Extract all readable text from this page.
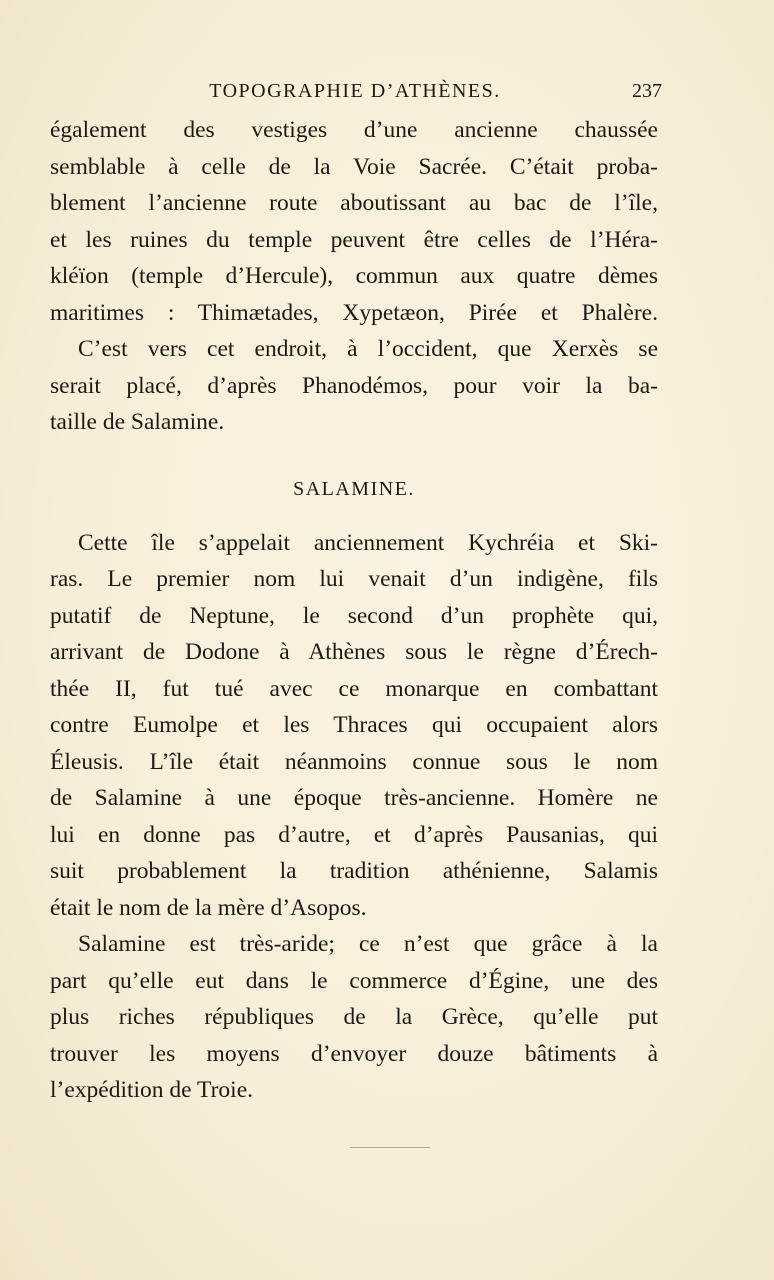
TOPOGRAPHIE D’ATHÈNES.	237
également des vestiges d’une ancienne chaussée
semblable à celle de la Voie Sacrée. C’était proba-
blement l’ancienne route aboutissant au bac de l’île,
et les ruines du temple peuvent être celles de l’Héra-
kléïon (temple d’Hercule), commun aux quatre dèmes
maritimes : Thimætades, Xypetæon, Pirée et Phalère.
C’est vers cet endroit, à l’occident, que Xerxès se
serait placé, d’après Phanodémos, pour voir la ba-
taille de Salamine.
SALAMINE.
Cette île s’appelait anciennement Kychréia et Ski-
ras. Le premier nom lui venait d’un indigène, fils
putatif de Neptune, le second d’un prophète qui,
arrivant de Dodone à Athènes sous le règne d’Érech-
thée II, fut tué avec ce monarque en combattant
contre Eumolpe et les Thraces qui occupaient alors
Éleusis. L’île était néanmoins connue sous le nom
de Salamine à une époque très-ancienne. Homère ne
lui en donne pas d’autre, et d’après Pausanias, qui
suit probablement la tradition athénienne, Salamis
était le nom de la mère d’Asopos.
Salamine est très-aride; ce n’est que grâce à la
part qu’elle eut dans le commerce d’Égine, une des
plus riches républiques de la Grèce, qu’elle put
trouver les moyens d’envoyer douze bâtiments à
l’expédition de Troie.
